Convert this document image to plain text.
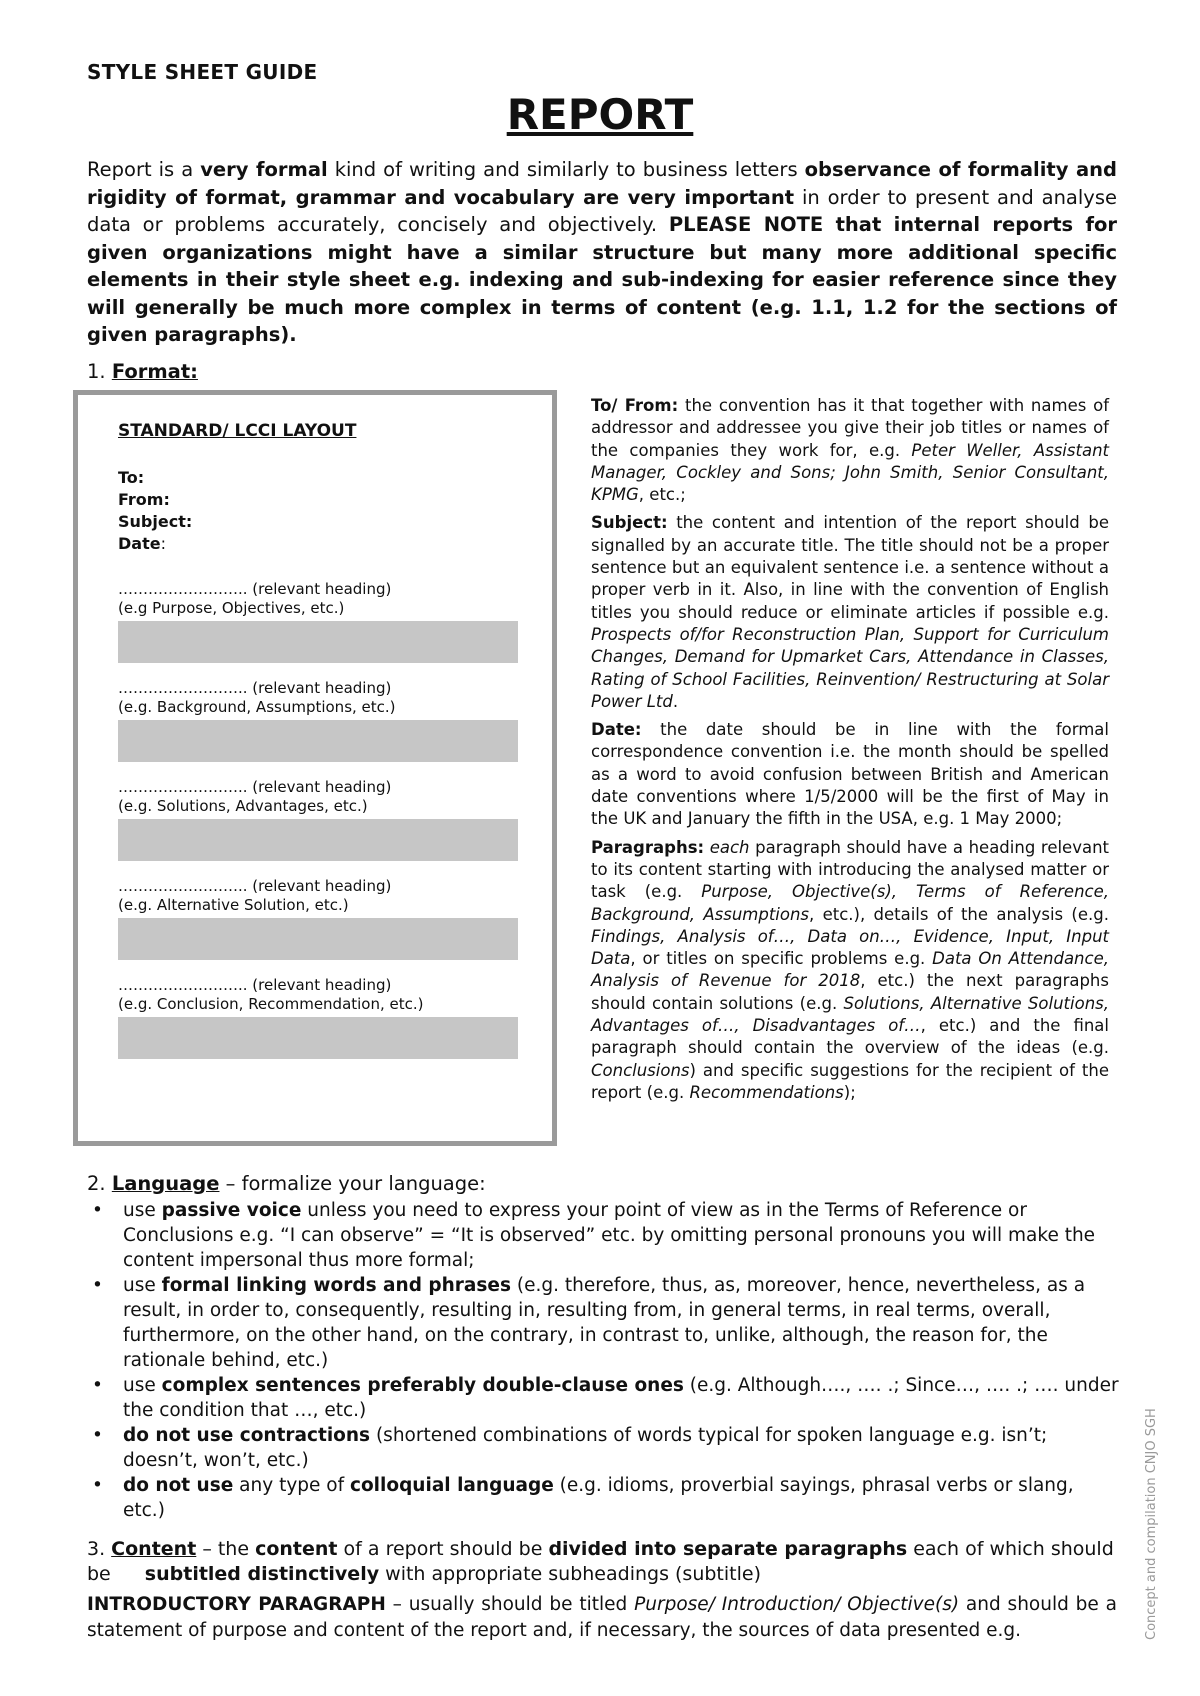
STYLE SHEET GUIDE
REPORT
Report is a very formal kind of writing and similarly to business letters observance of formality and rigidity of format, grammar and vocabulary are very important in order to present and analyse data or problems accurately, concisely and objectively. PLEASE NOTE that internal reports for given organizations might have a similar structure but many more additional specific elements in their style sheet e.g. indexing and sub-indexing for easier reference since they will generally be much more complex in terms of content (e.g. 1.1, 1.2 for the sections of given paragraphs).
1. Format:
STANDARD/ LCCI LAYOUT
To:
From:
Subject:
Date:
…………………….. (relevant heading)
(e.g Purpose, Objectives, etc.)
…………………….. (relevant heading)
(e.g. Background, Assumptions, etc.)
…………………….. (relevant heading)
(e.g. Solutions, Advantages, etc.)
…………………….. (relevant heading)
(e.g. Alternative Solution, etc.)
…………………….. (relevant heading)
(e.g. Conclusion, Recommendation, etc.)

To/ From: the convention has it that together with names of addressor and addressee you give their job titles or names of the companies they work for, e.g. Peter Weller, Assistant Manager, Cockley and Sons; John Smith, Senior Consultant, KPMG, etc.;

Subject: the content and intention of the report should be signalled by an accurate title. The title should not be a proper sentence but an equivalent sentence i.e. a sentence without a proper verb in it. Also, in line with the convention of English titles you should reduce or eliminate articles if possible e.g. Prospects of/for Reconstruction Plan, Support for Curriculum Changes, Demand for Upmarket Cars, Attendance in Classes, Rating of School Facilities, Reinvention/ Restructuring at Solar Power Ltd.

Date: the date should be in line with the formal correspondence convention i.e. the month should be spelled as a word to avoid confusion between British and American date conventions where 1/5/2000 will be the first of May in the UK and January the fifth in the USA, e.g. 1 May 2000;

Paragraphs: each paragraph should have a heading relevant to its content starting with introducing the analysed matter or task (e.g. Purpose, Objective(s), Terms of Reference, Background, Assumptions, etc.), details of the analysis (e.g. Findings, Analysis of…, Data on…, Evidence, Input, Input Data, or titles on specific problems e.g. Data On Attendance, Analysis of Revenue for 2018, etc.) the next paragraphs should contain solutions (e.g. Solutions, Alternative Solutions, Advantages of…, Disadvantages of…, etc.) and the final paragraph should contain the overview of the ideas (e.g. Conclusions) and specific suggestions for the recipient of the report (e.g. Recommendations);

2. Language – formalize your language:
• use passive voice unless you need to express your point of view as in the Terms of Reference or Conclusions e.g. “I can observe” = “It is observed” etc. by omitting personal pronouns you will make the content impersonal thus more formal;
• use formal linking words and phrases (e.g. therefore, thus, as, moreover, hence, nevertheless, as a result, in order to, consequently, resulting in, resulting from, in general terms, in real terms, overall, furthermore, on the other hand, on the contrary, in contrast to, unlike, although, the reason for, the rationale behind, etc.)
• use complex sentences preferably double-clause ones (e.g. Although…., …. .; Since…, …. .; …. under the condition that …, etc.)
• do not use contractions (shortened combinations of words typical for spoken language e.g. isn’t; doesn’t, won’t, etc.)
• do not use any type of colloquial language (e.g. idioms, proverbial sayings, phrasal verbs or slang, etc.)
3. Content – the content of a report should be divided into separate paragraphs each of which should be subtitled distinctively with appropriate subheadings (subtitle)
INTRODUCTORY PARAGRAPH – usually should be titled Purpose/ Introduction/ Objective(s) and should be a statement of purpose and content of the report and, if necessary, the sources of data presented e.g.	Concept and compilation CNJO SGH
